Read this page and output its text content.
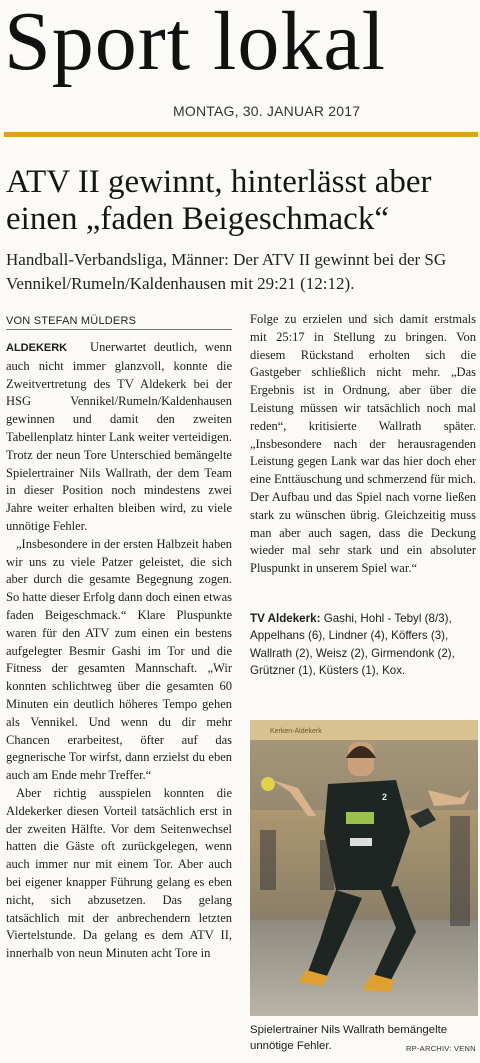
Sport lokal
MONTAG, 30. JANUAR 2017
ATV II gewinnt, hinterlässt aber einen „faden Beigeschmack“
Handball-Verbandsliga, Männer: Der ATV II gewinnt bei der SG Vennikel/Rumeln/Kaldenhausen mit 29:21 (12:12).
VON STEFAN MÜLDERS

ALDEKERK Unerwartet deutlich, wenn auch nicht immer glanzvoll, konnte die Zweitvertretung des TV Aldekerk bei der HSG Vennikel/Rumeln/Kaldenhausen gewinnen und damit den zweiten Tabellenplatz hinter Lank weiter verteidigen. Trotz der neun Tore Unterschied bemängelte Spielertrainer Nils Wallrath, der dem Team in dieser Position noch mindestens zwei Jahre weiter erhalten bleiben wird, zu viele unnötige Fehler.

„Insbesondere in der ersten Halbzeit haben wir uns zu viele Patzer geleistet, die sich aber durch die gesamte Begegnung zogen. So hatte dieser Erfolg dann doch einen etwas faden Beigeschmack.“ Klare Pluspunkte waren für den ATV zum einen ein bestens aufgelegter Besmir Gashi im Tor und die Fitness der gesamten Mannschaft. „Wir konnten schlichtweg über die gesamten 60 Minuten ein deutlich höheres Tempo gehen als Vennikel. Und wenn du dir mehr Chancen erarbeitest, öfter auf das gegnerische Tor wirfst, dann erzielst du eben auch am Ende mehr Treffer.“

Aber richtig ausspielen konnten die Aldekerker diesen Vorteil tatsächlich erst in der zweiten Hälfte. Vor dem Seitenwechsel hatten die Gäste oft zurückgelegen, wenn auch immer nur mit einem Tor. Aber auch bei eigener knapper Führung gelang es eben nicht, sich abzusetzen. Das gelang tatsächlich mit der anbrechendern letzten Viertelstunde. Da gelang es dem ATV II, innerhalb von neun Minuten acht Tore in

Folge zu erzielen und sich damit erstmals mit 25:17 in Stellung zu bringen. Von diesem Rückstand erholten sich die Gastgeber schließlich nicht mehr. „Das Ergebnis ist in Ordnung, aber über die Leistung müssen wir tatsächlich noch mal reden“, kritisierte Wallrath später. „Insbesondere nach der herausragenden Leistung gegen Lank war das hier doch eher eine Enttäuschung und schmerzend für mich. Der Aufbau und das Spiel nach vorne ließen stark zu wünschen übrig. Gleichzeitig muss man aber auch sagen, dass die Deckung wieder mal sehr stark und ein absoluter Pluspunkt in unserem Spiel war.“

TV Aldekerk: Gashi, Hohl - Tebyl (8/3), Appelhans (6), Lindner (4), Köffers (3), Wallrath (2), Weisz (2), Girmendonk (2), Grützner (1), Küsters (1), Kox.
Kerken-Aldekerk
2
Spielertrainer Nils Wallrath bemängelte unnötige Fehler.	RP-ARCHIV: VENN
